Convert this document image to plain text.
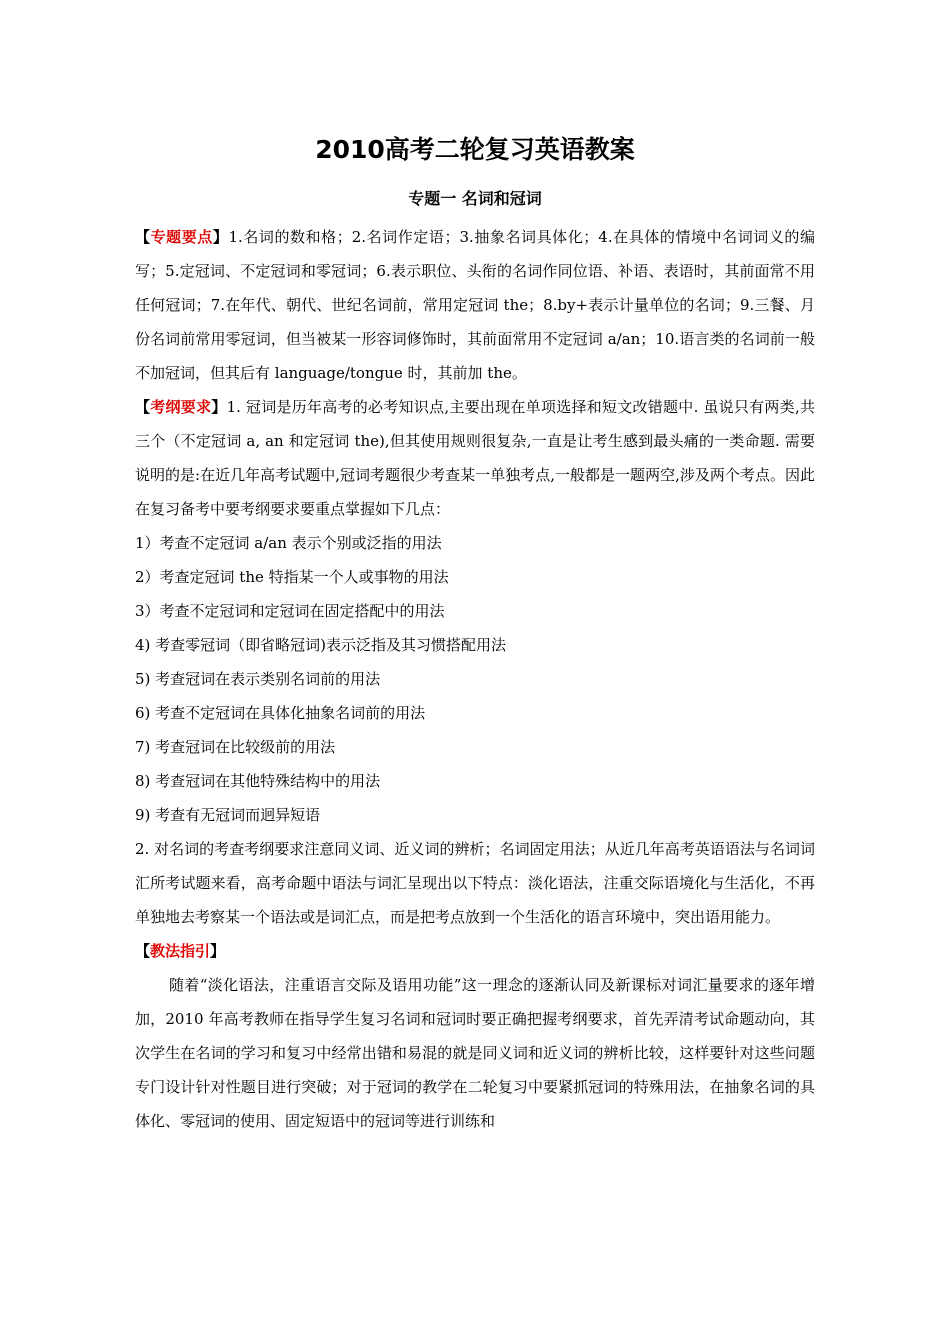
2010高考二轮复习英语教案
专题一 名词和冠词

【专题要点】1.名词的数和格；2.名词作定语；3.抽象名词具体化；4.在具体的情境中名词词义的编写；5.定冠词、不定冠词和零冠词；6.表示职位、头衔的名词作同位语、补语、表语时，其前面常不用任何冠词；7.在年代、朝代、世纪名词前，常用定冠词 the；8.by+表示计量单位的名词；9.三餐、月份名词前常用零冠词，但当被某一形容词修饰时，其前面常用不定冠词 a/an；10.语言类的名词前一般不加冠词，但其后有 language/tongue 时，其前加 the。

【考纲要求】1. 冠词是历年高考的必考知识点,主要出现在单项选择和短文改错题中. 虽说只有两类,共三个（不定冠词 a, an 和定冠词 the),但其使用规则很复杂,一直是让考生感到最头痛的一类命题. 需要说明的是:在近几年高考试题中,冠词考题很少考查某一单独考点,一般都是一题两空,涉及两个考点。因此在复习备考中要考纲要求要重点掌握如下几点：

1）考查不定冠词 a/an 表示个别或泛指的用法

2）考查定冠词 the 特指某一个人或事物的用法

3）考查不定冠词和定冠词在固定搭配中的用法

4) 考查零冠词（即省略冠词)表示泛指及其习惯搭配用法

5) 考查冠词在表示类别名词前的用法

6) 考查不定冠词在具体化抽象名词前的用法

7) 考查冠词在比较级前的用法

8) 考查冠词在其他特殊结构中的用法

9) 考查有无冠词而迥异短语

2. 对名词的考查考纲要求注意同义词、近义词的辨析；名词固定用法；从近几年高考英语语法与名词词汇所考试题来看，高考命题中语法与词汇呈现出以下特点：淡化语法，注重交际语境化与生活化，不再单独地去考察某一个语法或是词汇点，而是把考点放到一个生活化的语言环境中，突出语用能力。

【教法指引】

随着“淡化语法，注重语言交际及语用功能”这一理念的逐渐认同及新课标对词汇量要求的逐年增加，2010 年高考教师在指导学生复习名词和冠词时要正确把握考纲要求，首先弄清考试命题动向，其次学生在名词的学习和复习中经常出错和易混的就是同义词和近义词的辨析比较，这样要针对这些问题专门设计针对性题目进行突破；对于冠词的教学在二轮复习中要紧抓冠词的特殊用法，在抽象名词的具体化、零冠词的使用、固定短语中的冠词等进行训练和
